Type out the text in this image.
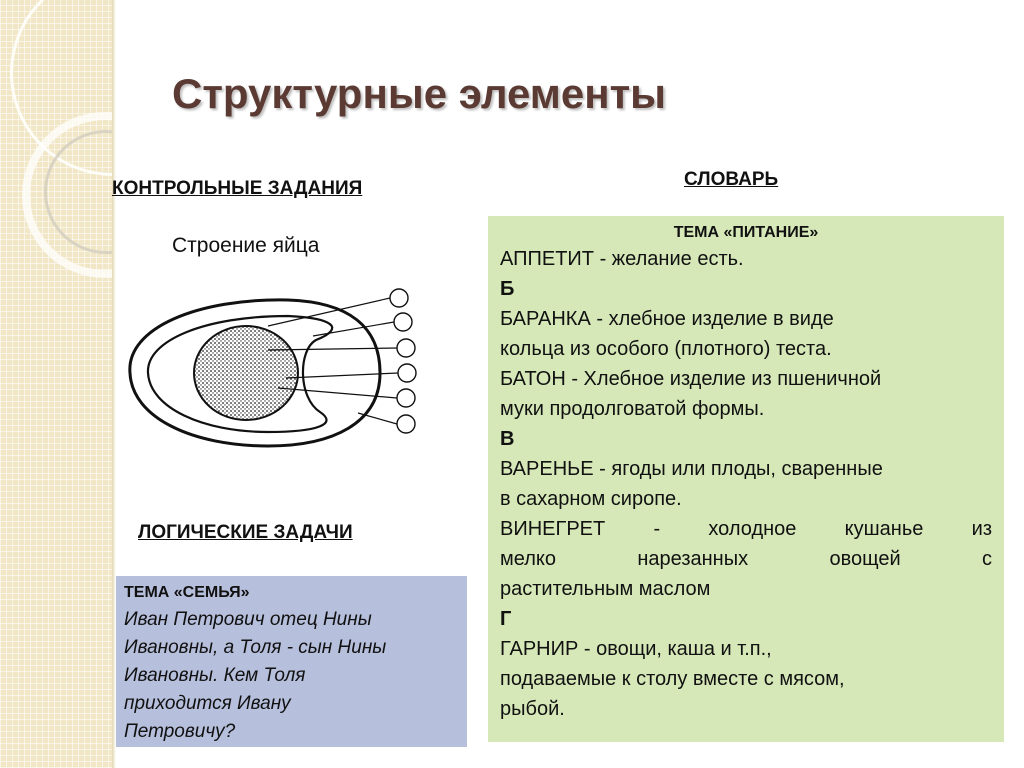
Структурные элементы
КОНТРОЛЬНЫЕ ЗАДАНИЯ	СЛОВАРЬ
Строение яйца
ЛОГИЧЕСКИЕ ЗАДАЧИ
ТЕМА «СЕМЬЯ»
Иван Петрович отец Нины
Ивановны, а Толя - сын Нины
Ивановны. Кем Толя
приходится Ивану
Петровичу?
ТЕМА «ПИТАНИЕ»
АППЕТИТ - желание есть.
Б
БАРАНКА - хлебное изделие в виде
кольца из особого (плотного) теста.
БАТОН - Хлебное изделие из пшеничной
муки продолговатой формы.
В
ВАРЕНЬЕ - ягоды или плоды, сваренные
в сахарном сиропе.
ВИНЕГРЕТ - холодное кушанье из
мелко нарезанных овощей с
растительным маслом
Г
ГАРНИР - овощи, каша и т.п.,
подаваемые к столу вместе с мясом,
рыбой.
